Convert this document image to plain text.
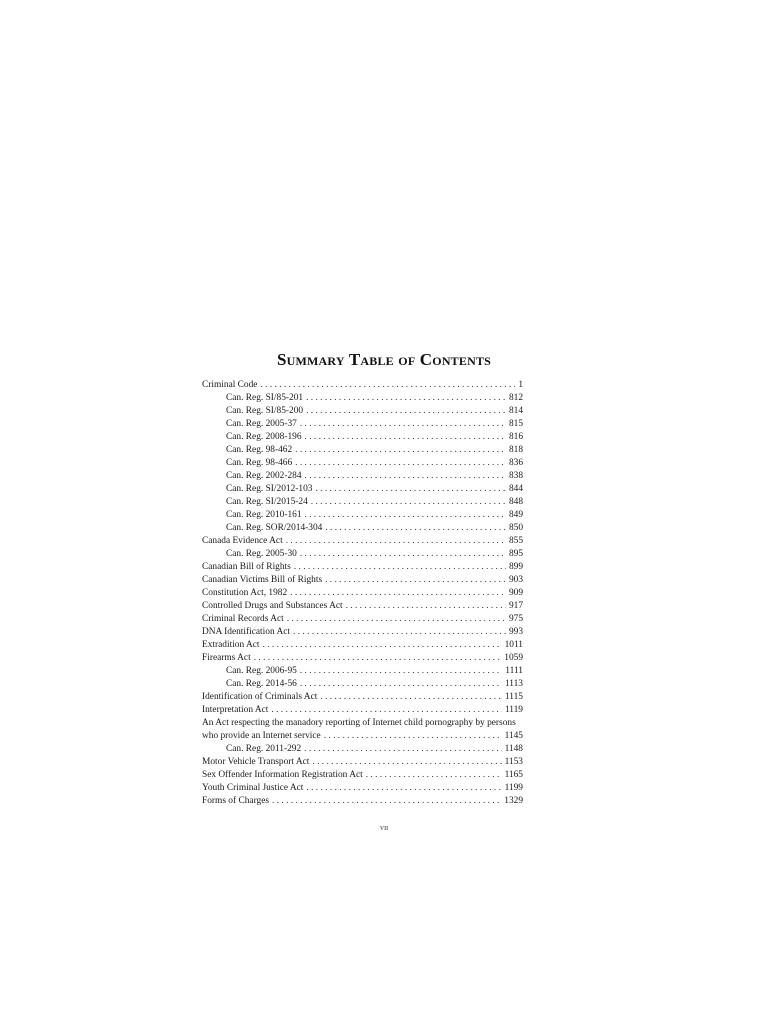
Summary Table of Contents
Criminal Code . . .	1
Can. Reg. SI/85-201 . . .	812
Can. Reg. SI/85-200 . . .	814
Can. Reg. 2005-37 . . .	815
Can. Reg. 2008-196 . . .	816
Can. Reg. 98-462 . . .	818
Can. Reg. 98-466 . . .	836
Can. Reg. 2002-284 . . .	838
Can. Reg. SI/2012-103 . . .	844
Can. Reg. SI/2015-24 . . .	848
Can. Reg. 2010-161 . . .	849
Can. Reg. SOR/2014-304 . . .	850
Canada Evidence Act . . .	855
Can. Reg. 2005-30 . . .	895
Canadian Bill of Rights . . .	899
Canadian Victims Bill of Rights . . .	903
Constitution Act, 1982 . . .	909
Controlled Drugs and Substances Act . . .	917
Criminal Records Act . . .	975
DNA Identification Act . . .	993
Extradition Act . . .	1011
Firearms Act . . .	1059
Can. Reg. 2006-95 . . .	1111
Can. Reg. 2014-56 . . .	1113
Identification of Criminals Act . . .	1115
Interpretation Act . . .	1119
An Act respecting the manadory reporting of Internet child pornography by persons
who provide an Internet service . . .	1145
Can. Reg. 2011-292 . . .	1148
Motor Vehicle Transport Act . . .	1153
Sex Offender Information Registration Act . . .	1165
Youth Criminal Justice Act . . .	1199
Forms of Charges . . .	1329
vii
